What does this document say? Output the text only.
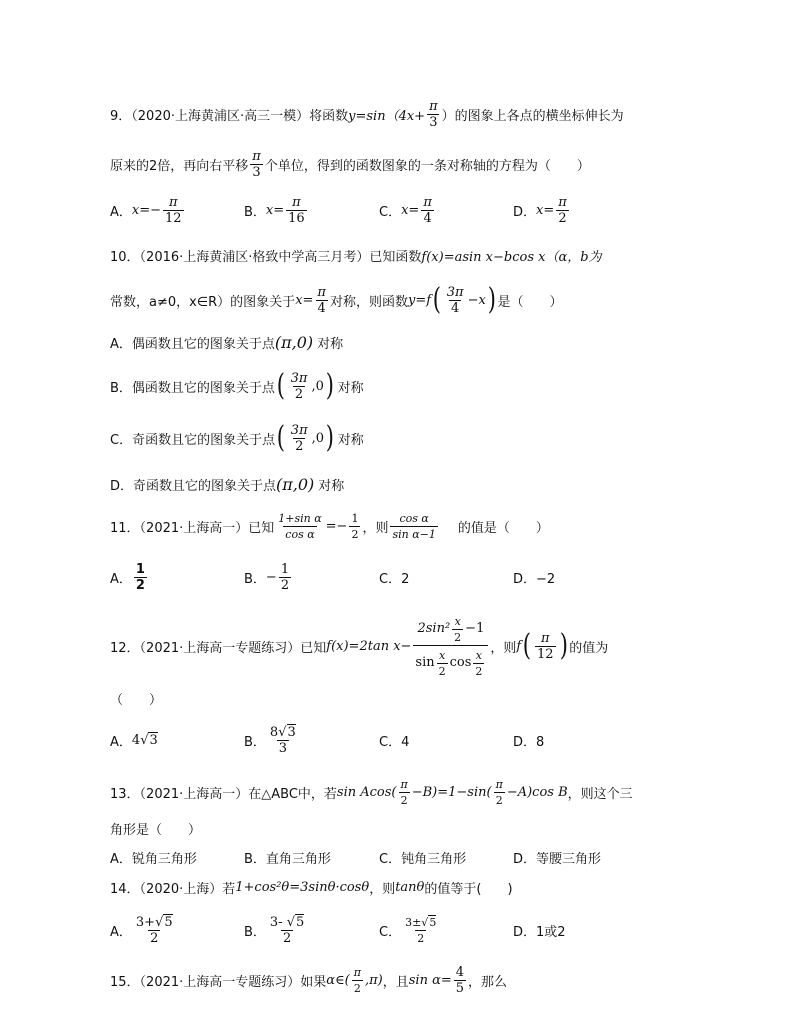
9．（2020·上海黄浦区·高三一模）将函数 $y=\sin(4x+ \frac{\pi}{3}$ ）的图象上各点的横坐标伸长为
原来的2倍，再向右平移 $\frac{\pi}{3}$ 个单位，得到的函数图象的一条对称轴的方程为（　　）
A． $x=- \frac{\pi}{12}$	B． $x= \frac{\pi}{16}$	C． $x= \frac{\pi}{4}$	D． $x= \frac{\pi}{2}$
10．（2016·上海黄浦区·格致中学高三月考）已知函数 f(x)=asin x−bcos x（α，b为
常数，a≠0，x∈R）的图象关于 $x= \frac{\pi}{4}$ 对称，则函数 y=f ( $\frac{3\pi}{4} -x$ ) 是（　　）
A．偶函数且它的图象关于点 (π,0) 对称
B．偶函数且它的图象关于点 ( $\frac{3\pi}{2} ,0$ ) 对称
C．奇函数且它的图象关于点 ( $\frac{3\pi}{2} ,0$ ) 对称
D．奇函数且它的图象关于点 (π,0) 对称
11．（2021·上海高一）已知 $\frac{\text{1+sin α}}{\text{cos α}} =- \frac{1}{2}$ ，则 $\frac{\text{cos α}}{\text{sin α−1}}$ 的值是（　　）
A． $\frac{1}{2}$	B． − $\frac{1}{2}$	C．2	D．−2
12．（2021·上海高一专题练习）已知 f(x)=2tan $x- \frac{2\sin^2 \frac{x}{2} -1}{\sin \frac{x}{2} \cos \frac{x}{2}}$ ，则 f ( $\frac{\pi}{12}$ ) 的值为
（　　）
A． 4 √ 3	B． $\frac{8√3}{3}$	C．4	D．8
13．（2021·上海高一）在△ABC中，若 $\sin Acos( \frac{\pi}{2} -B)=1-\sin( \frac{\pi}{2} -A)\cos$ B ，则这个三
角形是（　　）
A．锐角三角形	B．直角三角形	C．钝角三角形	D．等腰三角形
14．（2020·上海）若 1+cos²θ=3sinθ·cosθ ，则 tanθ 的值等于(　　)
A． $\frac{3+√5}{2}$	B． $\frac{3- √5}{2}$	C． $\frac{3\pm√5}{2}$	D．1或2
15．（2021·上海高一专题练习）如果 α∈( $\frac{\pi}{2} ,\pi$) ，且 $\sin \alpha= \frac{4}{5}$ ，那么
